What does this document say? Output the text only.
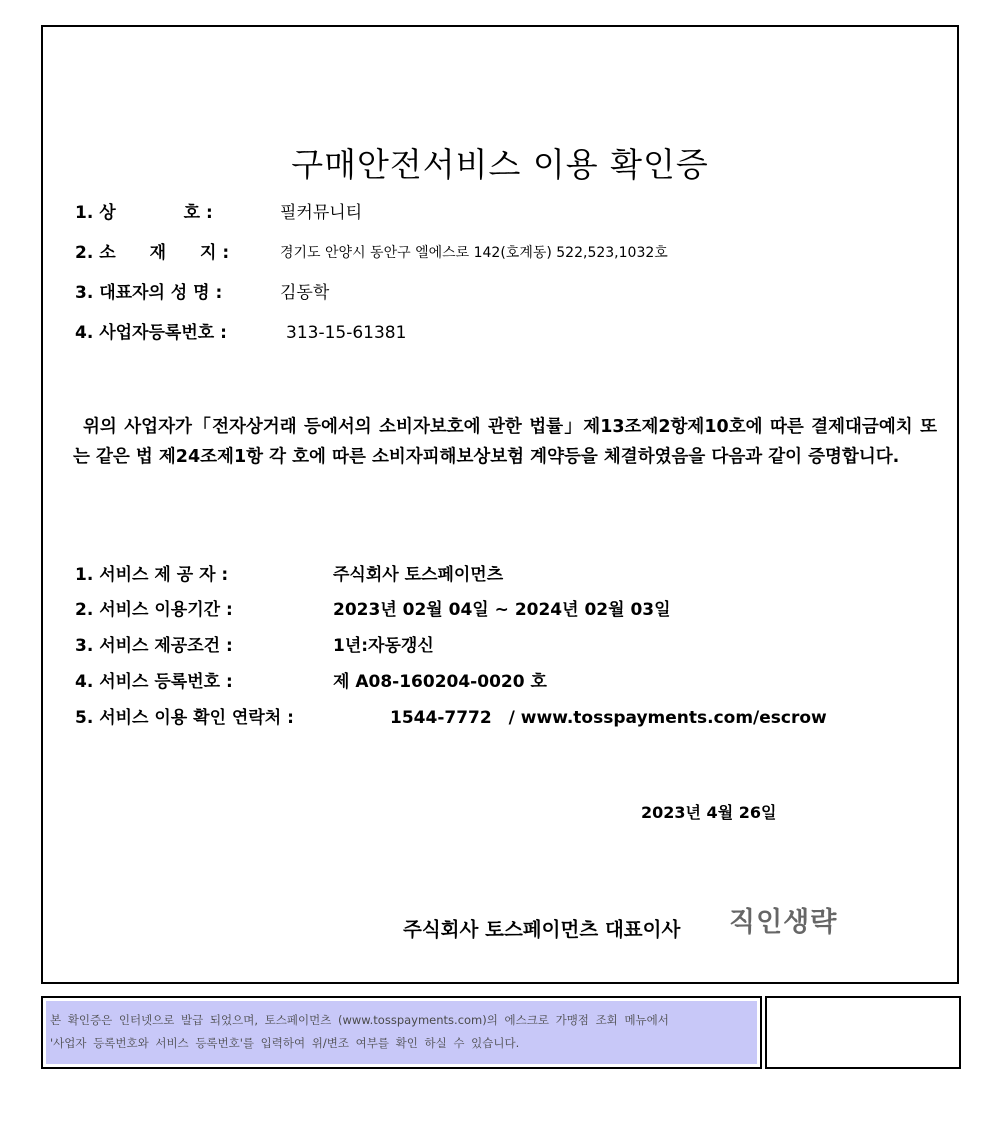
구매안전서비스 이용 확인증
1. 상　　　　호 :	필커뮤니티
2. 소　　재　　지 :	경기도 안양시 동안구 엘에스로 142(호계동) 522,523,1032호
3. 대표자의 성 명 :	김동학
4. 사업자등록번호 :	313-15-61381
위의 사업자가「전자상거래 등에서의 소비자보호에 관한 법률」제13조제2항제10호에 따른 결제대금예치 또는 같은 법 제24조제1항 각 호에 따른 소비자피해보상보험 계약등을 체결하였음을 다음과 같이 증명합니다.
1. 서비스 제 공 자 :	주식회사 토스페이먼츠
2. 서비스 이용기간 :	2023년 02월 04일 ~ 2024년 02월 03일
3. 서비스 제공조건 :	1년:자동갱신
4. 서비스 등록번호 :	제 A08-160204-0020 호
5. 서비스 이용 확인 연락처 :	1544-7772　/ www.tosspayments.com/escrow
2023년 4월 26일
주식회사 토스페이먼츠 대표이사 직인생략
본 확인증은 인터넷으로 발급 되었으며, 토스페이먼츠 (www.tosspayments.com)의 에스크로 가맹점 조회 메뉴에서
'사업자 등록번호와 서비스 등록번호'를 입력하여 위/변조 여부를 확인 하실 수 있습니다.
